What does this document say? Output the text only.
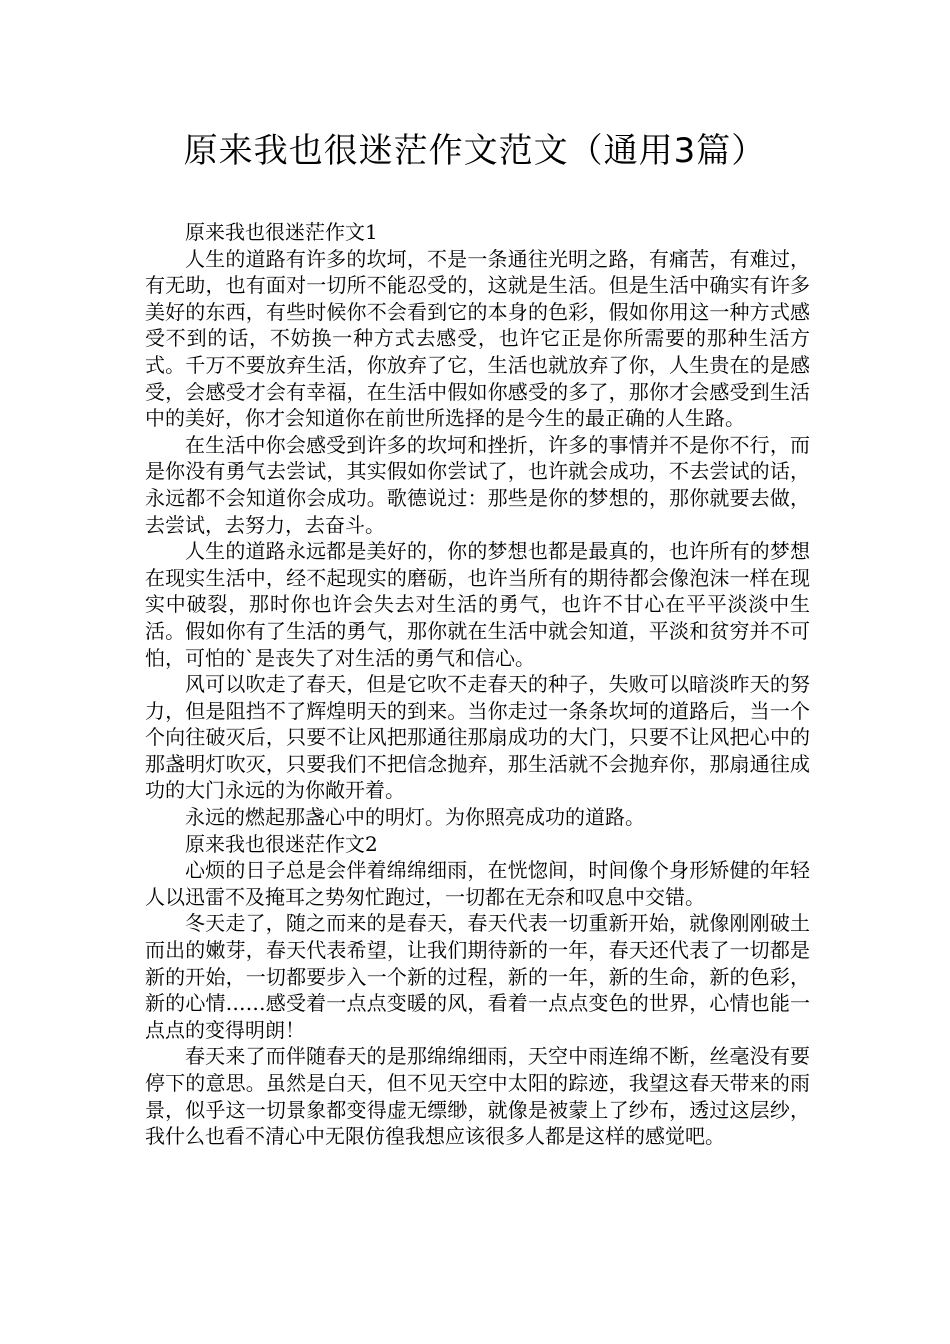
原来我也很迷茫作文范文（通用3篇）

原来我也很迷茫作文1

人生的道路有许多的坎坷，不是一条通往光明之路，有痛苦，有难过，有无助，也有面对一切所不能忍受的，这就是生活。但是生活中确实有许多美好的东西，有些时候你不会看到它的本身的色彩，假如你用这一种方式感受不到的话，不妨换一种方式去感受，也许它正是你所需要的那种生活方式。千万不要放弃生活，你放弃了它，生活也就放弃了你，人生贵在的是感受，会感受才会有幸福，在生活中假如你感受的多了，那你才会感受到生活中的美好，你才会知道你在前世所选择的是今生的最正确的人生路。

在生活中你会感受到许多的坎坷和挫折，许多的事情并不是你不行，而是你没有勇气去尝试，其实假如你尝试了，也许就会成功，不去尝试的话，永远都不会知道你会成功。歌德说过：那些是你的梦想的，那你就要去做，去尝试，去努力，去奋斗。

人生的道路永远都是美好的，你的梦想也都是最真的，也许所有的梦想在现实生活中，经不起现实的磨砺，也许当所有的期待都会像泡沫一样在现实中破裂，那时你也许会失去对生活的勇气，也许不甘心在平平淡淡中生活。假如你有了生活的勇气，那你就在生活中就会知道，平淡和贫穷并不可怕，可怕的`是丧失了对生活的勇气和信心。

风可以吹走了春天，但是它吹不走春天的种子，失败可以暗淡昨天的努力，但是阻挡不了辉煌明天的到来。当你走过一条条坎坷的道路后，当一个个向往破灭后，只要不让风把那通往那扇成功的大门，只要不让风把心中的那盏明灯吹灭，只要我们不把信念抛弃，那生活就不会抛弃你，那扇通往成功的大门永远的为你敞开着。

永远的燃起那盏心中的明灯。为你照亮成功的道路。

原来我也很迷茫作文2

心烦的日子总是会伴着绵绵细雨，在恍惚间，时间像个身形矫健的年轻人以迅雷不及掩耳之势匆忙跑过，一切都在无奈和叹息中交错。

冬天走了，随之而来的是春天，春天代表一切重新开始，就像刚刚破土而出的嫩芽，春天代表希望，让我们期待新的一年，春天还代表了一切都是新的开始，一切都要步入一个新的过程，新的一年，新的生命，新的色彩，新的心情……感受着一点点变暖的风，看着一点点变色的世界，心情也能一点点的变得明朗！

春天来了而伴随春天的是那绵绵细雨，天空中雨连绵不断，丝毫没有要停下的意思。虽然是白天，但不见天空中太阳的踪迹，我望这春天带来的雨景，似乎这一切景象都变得虚无缥缈，就像是被蒙上了纱布，透过这层纱，我什么也看不清心中无限仿徨我想应该很多人都是这样的感觉吧。
